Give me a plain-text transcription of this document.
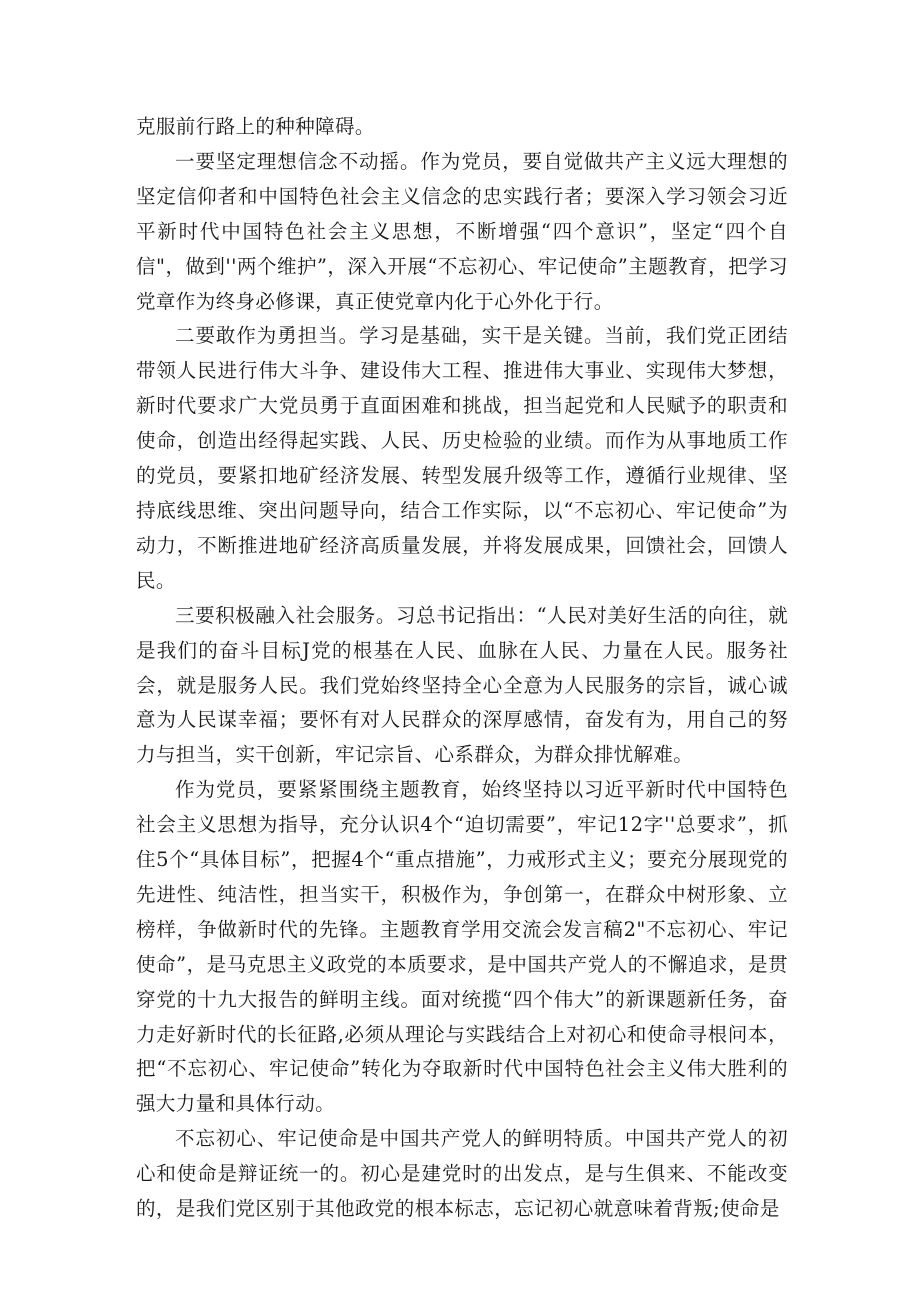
克服前行路上的种种障碍。

一要坚定理想信念不动摇。作为党员，要自觉做共产主义远大理想的坚定信仰者和中国特色社会主义信念的忠实践行者；要深入学习领会习近平新时代中国特色社会主义思想，不断增强“四个意识”，坚定“四个自信"，做到''两个维护”，深入开展“不忘初心、牢记使命”主题教育，把学习党章作为终身必修课，真正使党章内化于心外化于行。

二要敢作为勇担当。学习是基础，实干是关键。当前，我们党正团结带领人民进行伟大斗争、建设伟大工程、推进伟大事业、实现伟大梦想，新时代要求广大党员勇于直面困难和挑战，担当起党和人民赋予的职责和使命，创造出经得起实践、人民、历史检验的业绩。而作为从事地质工作的党员，要紧扣地矿经济发展、转型发展升级等工作，遵循行业规律、坚持底线思维、突出问题导向，结合工作实际，以“不忘初心、牢记使命”为动力，不断推进地矿经济高质量发展，并将发展成果，回馈社会，回馈人民。

三要积极融入社会服务。习总书记指出：“人民对美好生活的向往，就是我们的奋斗目标J党的根基在人民、血脉在人民、力量在人民。服务社会，就是服务人民。我们党始终坚持全心全意为人民服务的宗旨，诚心诚意为人民谋幸福；要怀有对人民群众的深厚感情，奋发有为，用自己的努力与担当，实干创新，牢记宗旨、心系群众，为群众排忧解难。

作为党员，要紧紧围绕主题教育，始终坚持以习近平新时代中国特色社会主义思想为指导，充分认识4个“迫切需要”，牢记12字''总要求”，抓住5个“具体目标”，把握4个“重点措施”，力戒形式主义；要充分展现党的先进性、纯洁性，担当实干，积极作为，争创第一，在群众中树形象、立榜样，争做新时代的先锋。主题教育学用交流会发言稿2"不忘初心、牢记使命”，是马克思主义政党的本质要求，是中国共产党人的不懈追求，是贯穿党的十九大报告的鲜明主线。面对统揽“四个伟大”的新课题新任务，奋力走好新时代的长征路,必须从理论与实践结合上对初心和使命寻根问本，把“不忘初心、牢记使命”转化为夺取新时代中国特色社会主义伟大胜利的强大力量和具体行动。

不忘初心、牢记使命是中国共产党人的鲜明特质。中国共产党人的初心和使命是辩证统一的。初心是建党时的出发点，是与生俱来、不能改变的，是我们党区别于其他政党的根本标志，忘记初心就意味着背叛;使命是
